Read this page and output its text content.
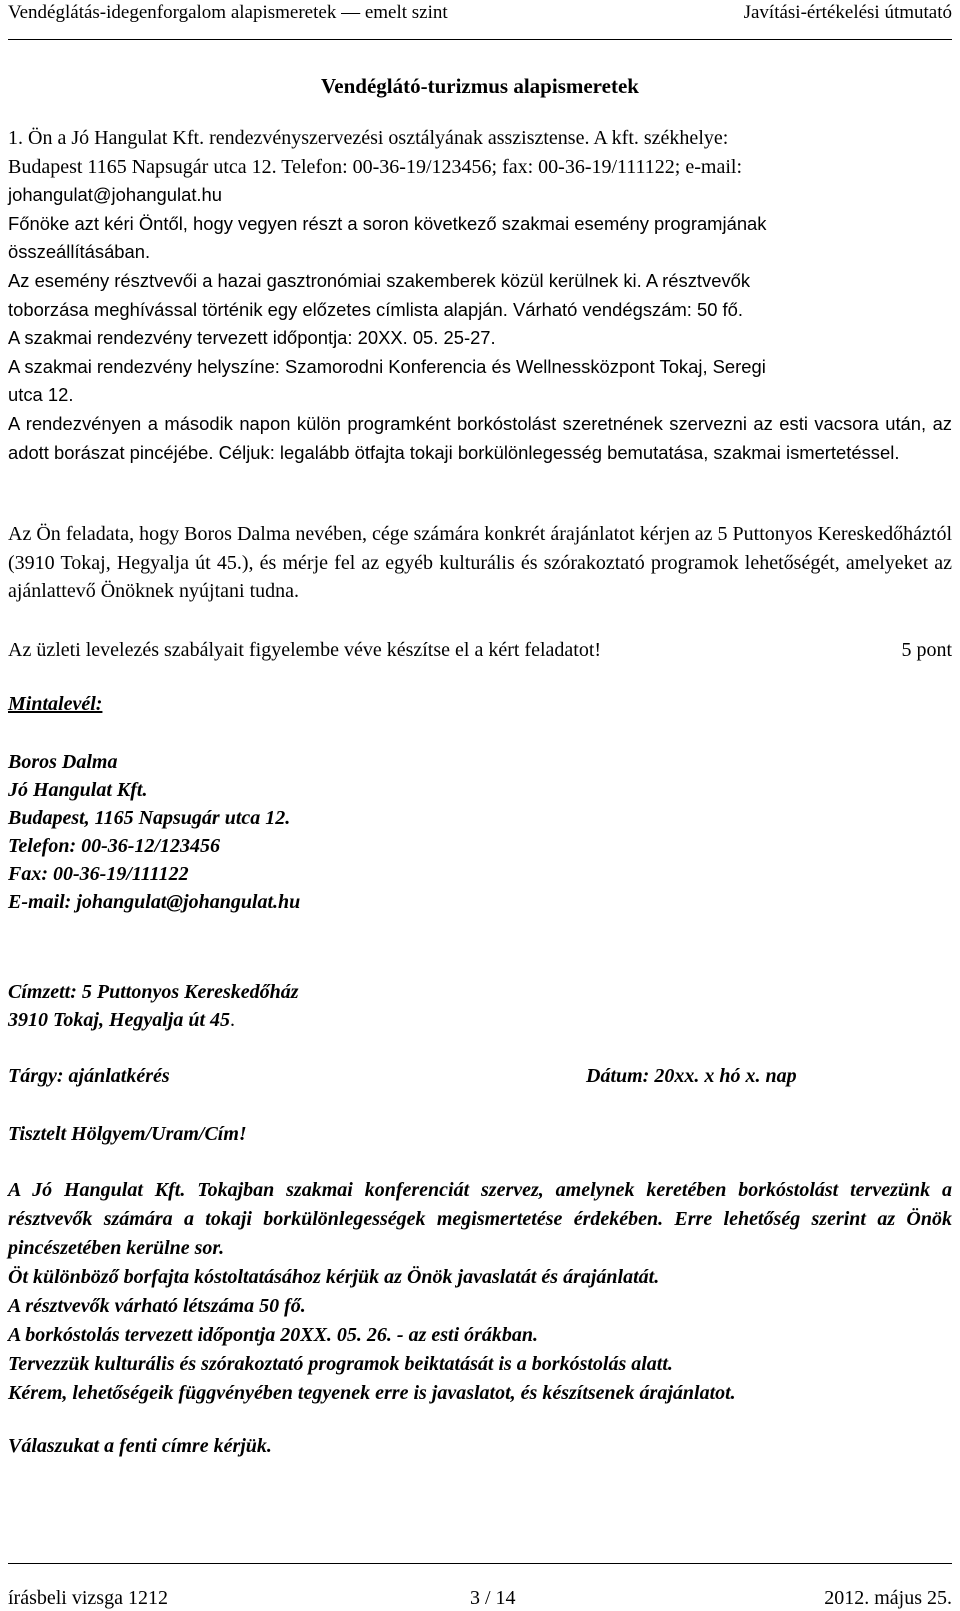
Vendéglátás-idegenforgalom alapismeretek — emelt szint	Javítási-értékelési útmutató
Vendéglátó-turizmus alapismeretek

1. Ön a Jó Hangulat Kft. rendezvényszervezési osztályának asszisztense. A kft. székhelye:

Budapest 1165 Napsugár utca 12. Telefon: 00-36-19/123456; fax: 00-36-19/111122; e-mail:

johangulat@johangulat.hu

Főnöke azt kéri Öntől, hogy vegyen részt a soron következő szakmai esemény programjának

összeállításában.

Az esemény résztvevői a hazai gasztronómiai szakemberek közül kerülnek ki. A résztvevők

toborzása meghívással történik egy előzetes címlista alapján. Várható vendégszám: 50 fő.

A szakmai rendezvény tervezett időpontja: 20XX. 05. 25-27.

A szakmai rendezvény helyszíne: Szamorodni Konferencia és Wellnessközpont Tokaj, Seregi

utca 12.

A rendezvényen a második napon külön programként borkóstolást szeretnének szervezni az esti vacsora után, az adott borászat pincéjébe. Céljuk: legalább ötfajta tokaji borkülönlegesség bemutatása, szakmai ismertetéssel.

Az Ön feladata, hogy Boros Dalma nevében, cége számára konkrét árajánlatot kérjen az 5 Puttonyos Kereskedőháztól (3910 Tokaj, Hegyalja út 45.), és mérje fel az egyéb kulturális és szórakoztató programok lehetőségét, amelyeket az ajánlattevő Önöknek nyújtani tudna.

Az üzleti levelezés szabályait figyelembe véve készítse el a kért feladatot!	5 pont
Mintalevél:
Boros Dalma
Jó Hangulat Kft.
Budapest, 1165 Napsugár utca 12.
Telefon: 00-36-12/123456
Fax: 00-36-19/111122
E-mail: johangulat@johangulat.hu
Címzett: 5 Puttonyos Kereskedőház
3910 Tokaj, Hegyalja út 45.
Tárgy: ajánlatkérés	Dátum: 20xx. x hó x. nap
Tisztelt Hölgyem/Uram/Cím!

A Jó Hangulat Kft. Tokajban szakmai konferenciát szervez, amelynek keretében borkóstolást tervezünk a résztvevők számára a tokaji borkülönlegességek megismertetése érdekében. Erre lehetőség szerint az Önök pincészetében kerülne sor.

Öt különböző borfajta kóstoltatásához kérjük az Önök javaslatát és árajánlatát.

A résztvevők várható létszáma 50 fő.

A borkóstolás tervezett időpontja 20XX. 05. 26. - az esti órákban.

Tervezzük kulturális és szórakoztató programok beiktatását is a borkóstolás alatt.

Kérem, lehetőségeik függvényében tegyenek erre is javaslatot, és készítsenek árajánlatot.

Válaszukat a fenti címre kérjük.
írásbeli vizsga 1212	3 / 14	2012. május 25.
